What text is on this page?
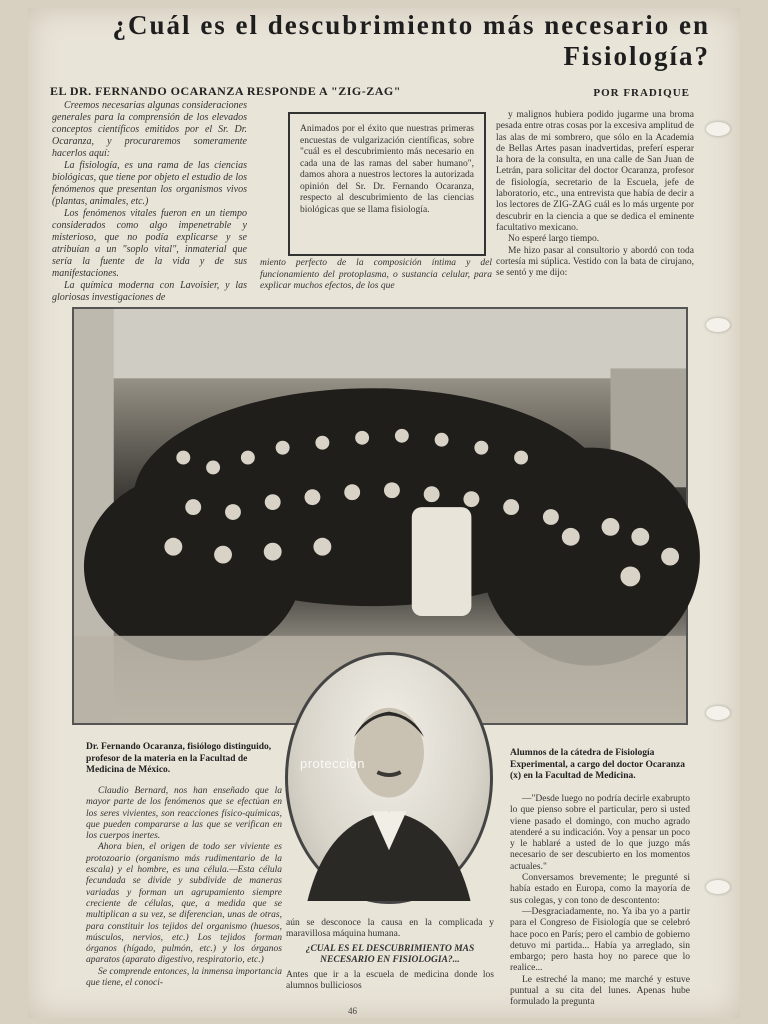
¿Cuál es el descubrimiento más necesario en Fisiología?
EL DR. FERNANDO OCARANZA RESPONDE A "ZIG-ZAG"	POR FRADIQUE

Creemos necesarias algunas consideraciones generales para la comprensión de los elevados conceptos científicos emitidos por el Sr. Dr. Ocaranza, y procuraremos someramente hacerlos aquí:

La fisiología, es una rama de las ciencias biológicas, que tiene por objeto el estudio de los fenómenos que presentan los organismos vivos (plantas, animales, etc.)

Los fenómenos vitales fueron en un tiempo considerados como algo impenetrable y misterioso, que no podía explicarse y se atribuían a un "soplo vital", inmaterial que sería la fuente de la vida y de sus manifestaciones.

La química moderna con Lavoisier, y las gloriosas investigaciones de

Animados por el éxito que nuestras primeras encuestas de vulgarización científicas, sobre "cuál es el descubrimiento más necesario en cada una de las ramas del saber humano", damos ahora a nuestros lectores la autorizada opinión del Sr. Dr. Fernando Ocaranza, respecto al descubrimiento de las ciencias biológicas que se llama fisiología.

miento perfecto de la composición íntima y del funcionamiento del protoplasma, o sustancia celular, para explicar muchos efectos, de los que

y malignos hubiera podido jugarme una broma pesada entre otras cosas por la excesiva amplitud de las alas de mi sombrero, que sólo en la Academia de Bellas Artes pasan inadvertidas, preferí esperar la hora de la consulta, en una calle de San Juan de Letrán, para solicitar del doctor Ocaranza, profesor de fisiología, secretario de la Escuela, jefe de laboratorio, etc., una entrevista que había de decir a los lectores de ZIG-ZAG cuál es lo más urgente por descubrir en la ciencia a que se dedica el eminente facultativo mexicano.

No esperé largo tiempo.

Me hizo pasar al consultorio y abordó con toda cortesía mi súplica. Vestido con la bata de cirujano, se sentó y me dijo:

proteccion
Dr. Fernando Ocaranza, fisiólogo distinguido, profesor de la materia en la Facultad de Medicina de México.
Alumnos de la cátedra de Fisiología Experimental, a cargo del doctor Ocaranza (x) en la Facultad de Medicina.

Claudio Bernard, nos han enseñado que la mayor parte de los fenómenos que se efectúan en los seres vivientes, son reacciones físico-químicas, que pueden compararse a las que se verifican en los cuerpos inertes.

Ahora bien, el origen de todo ser viviente es protozoario (organismo más rudimentario de la escala) y el hombre, es una célula.—Esta célula fecundada se divide y subdivide de maneras variadas y forman un agrupamiento siempre creciente de células, que, a medida que se multiplican a su vez, se diferencian, unas de otras, para constituir los tejidos del organismo (huesos, músculos, nervios, etc.) Los tejidos forman órganos (hígado, pulmón, etc.) y los órganos aparatos (aparato digestivo, respiratorio, etc.)

Se comprende entonces, la inmensa importancia que tiene, el conoci-

aún se desconoce la causa en la complicada y maravillosa máquina humana.

¿CUAL ES EL DESCUBRIMIENTO MAS NECESARIO EN FISIOLOGIA?...

Antes que ir a la escuela de medicina donde los alumnos bulliciosos

—"Desde luego no podría decirle exabrupto lo que pienso sobre el particular, pero si usted viene pasado el domingo, con mucho agrado atenderé a su indicación. Voy a pensar un poco y le hablaré a usted de lo que juzgo más necesario de ser descubierto en los momentos actuales."

Conversamos brevemente; le pregunté si había estado en Europa, como la mayoría de sus colegas, y con tono de descontento:

—Desgraciadamente, no. Ya iba yo a partir para el Congreso de Fisiología que se celebró hace poco en París; pero el cambio de gobierno detuvo mi partida... Había ya arreglado, sin embargo; pero hasta hoy no parece que lo realice...

Le estreché la mano; me marché y estuve puntual a su cita del lunes. Apenas hube formulado la pregunta

46
